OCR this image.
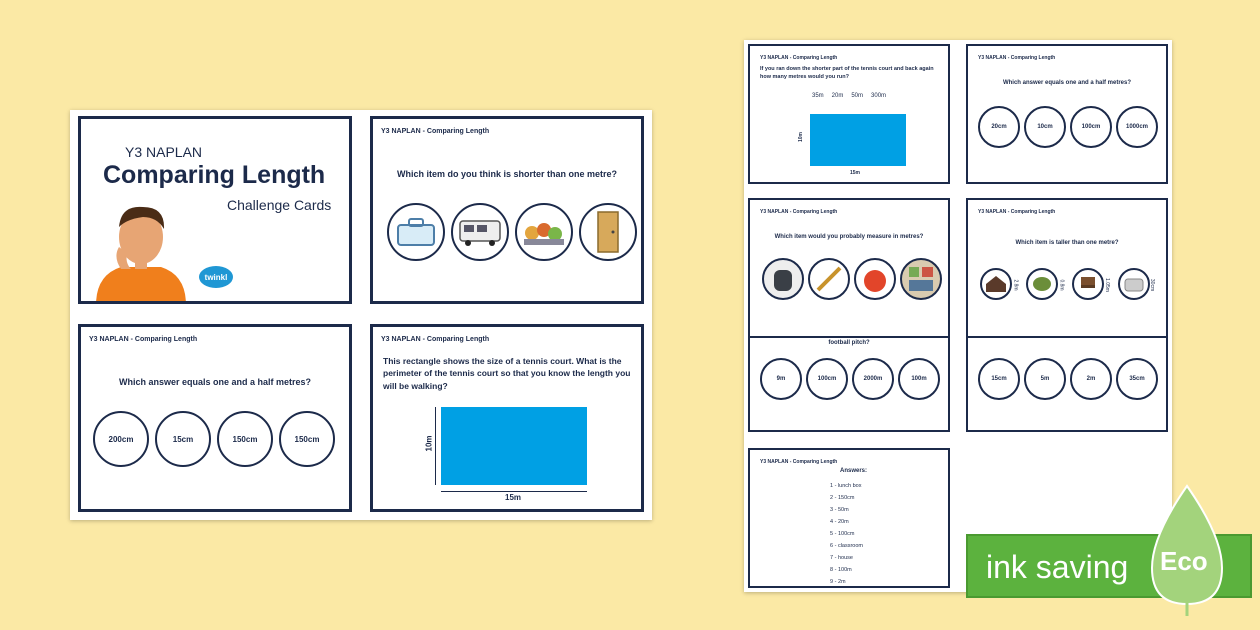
Y3 NAPLAN
Comparing Length
Challenge Cards
twinkl
Y3 NAPLAN - Comparing Length
Which item do you think is shorter than one metre?
Y3 NAPLAN - Comparing Length
Which answer equals one and a half metres?
200cm	15cm	150cm	150cm
Y3 NAPLAN - Comparing Length
This rectangle shows the size of a tennis court. What is the perimeter of the tennis court so that you know the length you will be walking?
10m
15m
Y3 NAPLAN - Comparing Length
If you ran down the shorter part of the tennis court and back again how many metres would you run?
35m 20m 50m 300m
10m
15m
Y3 NAPLAN - Comparing Length
Which answer equals one and a half metres?
20cm	10cm	100cm	1000cm
Y3 NAPLAN - Comparing Length
Which item would you probably measure in metres?
Y3 NAPLAN - Comparing Length
Which item is taller than one metre?
2.8m	0.8m	1.05m	30cm
football pitch?
9m	100cm	2000m	100m	15cm	5m	2m	35cm
Y3 NAPLAN - Comparing Length
Answers:
1 - lunch box
2 - 150cm
3 - 50m
4 - 20m
5 - 100cm
6 - classroom
7 - house
8 - 100m
9 - 2m	ink saving Eco
